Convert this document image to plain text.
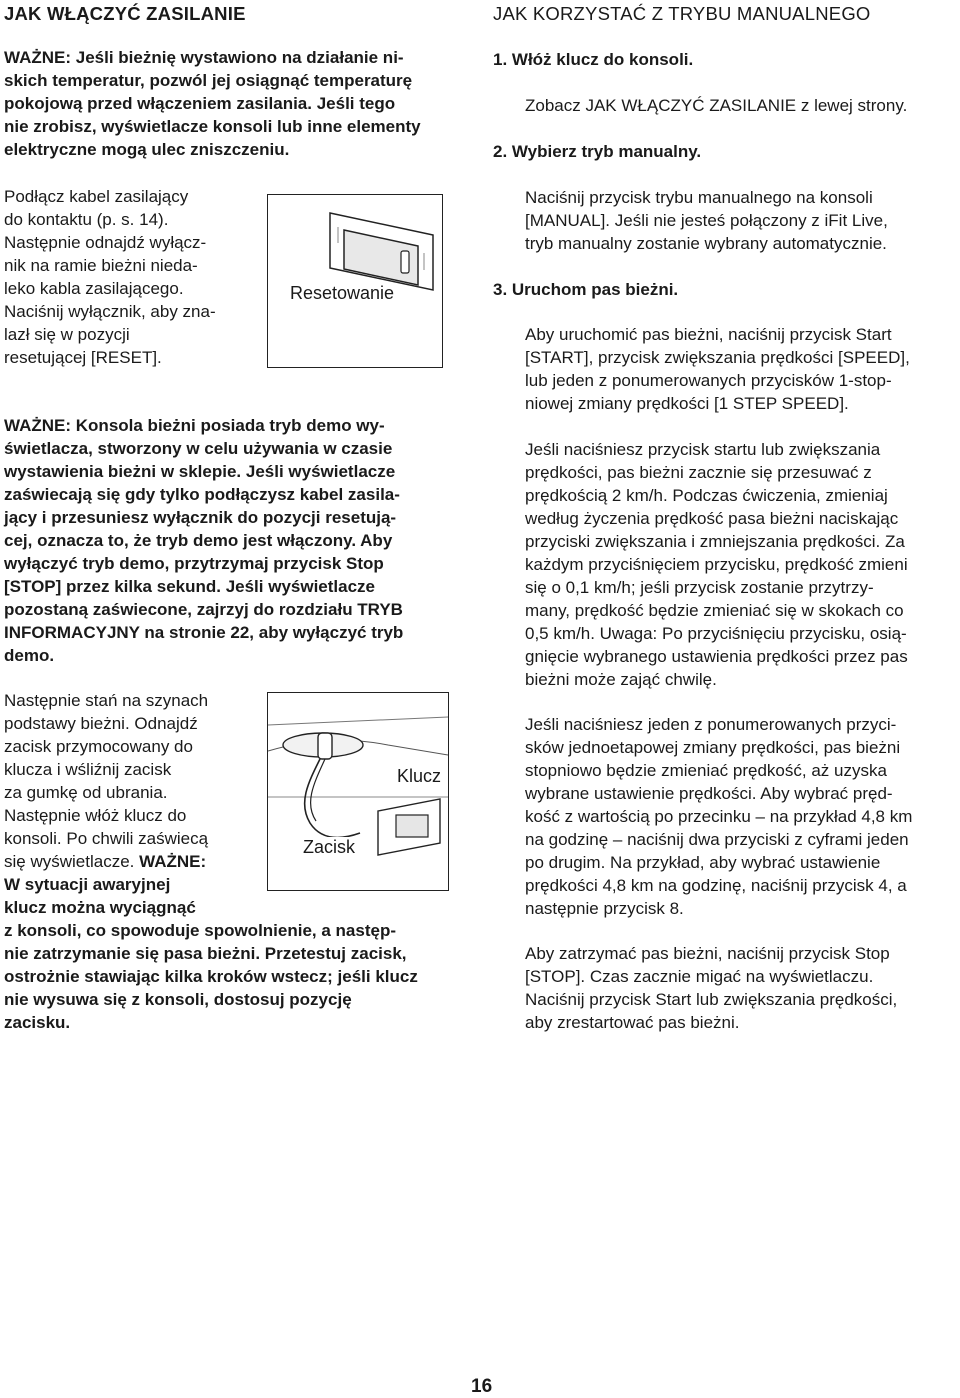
JAK WŁĄCZYĆ ZASILANIE
WAŻNE: Jeśli bieżnię wystawiono na działanie ni-
skich temperatur, pozwól jej osiągnąć temperaturę
pokojową przed włączeniem zasilania. Jeśli tego
nie zrobisz, wyświetlacze konsoli lub inne elementy
elektryczne mogą ulec zniszczeniu.
Podłącz kabel zasilający
do kontaktu (p. s. 14).
Następnie odnajdź wyłącz-
nik na ramie bieżni nieda-
leko kabla zasilającego.
Naciśnij wyłącznik, aby zna-
lazł się w pozycji
resetującej [RESET].
Resetowanie
WAŻNE: Konsola bieżni posiada tryb demo wy-
świetlacza, stworzony w celu używania w czasie
wystawienia bieżni w sklepie. Jeśli wyświetlacze
zaświecają się gdy tylko podłączysz kabel zasila-
jący i przesuniesz wyłącznik do pozycji resetują-
cej, oznacza to, że tryb demo jest włączony. Aby
wyłączyć tryb demo, przytrzymaj przycisk Stop
[STOP] przez kilka sekund. Jeśli wyświetlacze
pozostaną zaświecone, zajrzyj do rozdziału TRYB
INFORMACYJNY na stronie 22, aby wyłączyć tryb
demo.
Następnie stań na szynach
podstawy bieżni. Odnajdź
zacisk przymocowany do
klucza i wśliźnij zacisk
za gumkę od ubrania.
Następnie włóż klucz do
konsoli. Po chwili zaświecą
się wyświetlacze. WAŻNE:
W sytuacji awaryjnej
klucz można wyciągnąć
z konsoli, co spowoduje spowolnienie, a następ-
nie zatrzymanie się pasa bieżni. Przetestuj zacisk,
ostrożnie stawiając kilka kroków wstecz; jeśli klucz
nie wysuwa się z konsoli, dostosuj pozycję
zacisku.
Klucz
Zacisk
JAK KORZYSTAĆ Z TRYBU MANUALNEGO
1. Włóż klucz do konsoli.
Zobacz JAK WŁĄCZYĆ ZASILANIE z lewej strony.
2. Wybierz tryb manualny.
Naciśnij przycisk trybu manualnego na konsoli
[MANUAL]. Jeśli nie jesteś połączony z iFit Live,
tryb manualny zostanie wybrany automatycznie.
3. Uruchom pas bieżni.
Aby uruchomić pas bieżni, naciśnij przycisk Start
[START], przycisk zwiększania prędkości [SPEED],
lub jeden z ponumerowanych przycisków 1-stop-
niowej zmiany prędkości [1 STEP SPEED].
Jeśli naciśniesz przycisk startu lub zwiększania
prędkości, pas bieżni zacznie się przesuwać z
prędkością 2 km/h. Podczas ćwiczenia, zmieniaj
według życzenia prędkość pasa bieżni naciskając
przyciski zwiększania i zmniejszania prędkości. Za
każdym przyciśnięciem przycisku, prędkość zmieni
się o 0,1 km/h; jeśli przycisk zostanie przytrzy-
many, prędkość będzie zmieniać się w skokach co
0,5 km/h. Uwaga: Po przyciśnięciu przycisku, osią-
gnięcie wybranego ustawienia prędkości przez pas
bieżni może zająć chwilę.
Jeśli naciśniesz jeden z ponumerowanych przyci-
sków jednoetapowej zmiany prędkości, pas bieżni
stopniowo będzie zmieniać prędkość, aż uzyska
wybrane ustawienie prędkości. Aby wybrać pręd-
kość z wartością po przecinku – na przykład 4,8 km
na godzinę – naciśnij dwa przyciski z cyframi jeden
po drugim. Na przykład, aby wybrać ustawienie
prędkości 4,8 km na godzinę, naciśnij przycisk 4, a
następnie przycisk 8.
Aby zatrzymać pas bieżni, naciśnij przycisk Stop
[STOP]. Czas zacznie migać na wyświetlaczu.
Naciśnij przycisk Start lub zwiększania prędkości,
aby zrestartować pas bieżni.
16
